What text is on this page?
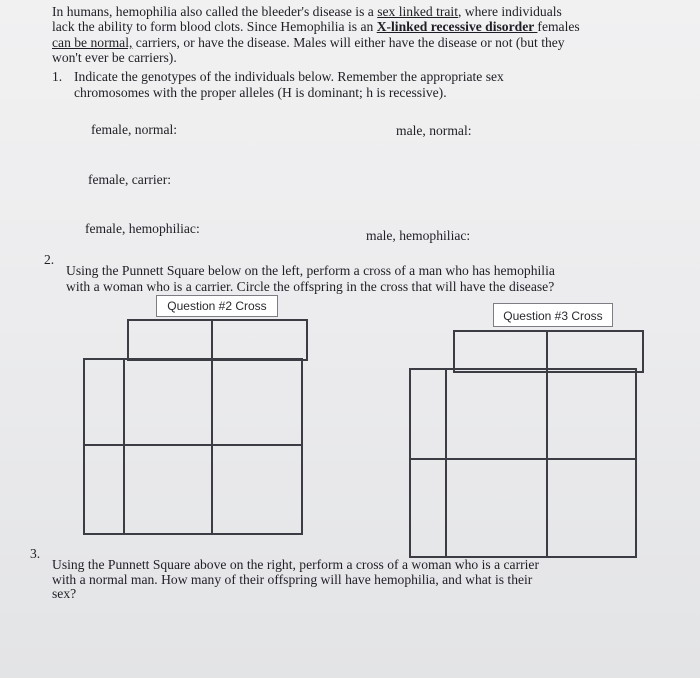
In humans, hemophilia also called the bleeder's disease is a sex linked trait, where individuals
lack the ability to form blood clots. Since Hemophilia is an X-linked recessive disorder females
can be normal, carriers, or have the disease. Males will either have the disease or not (but they
won't ever be carriers).
1. Indicate the genotypes of the individuals below. Remember the appropriate sex
chromosomes with the proper alleles (H is dominant; h is recessive).
female, normal:	male, normal:
female, carrier:
female, hemophiliac:	male, hemophiliac:
2.
Using the Punnett Square below on the left, perform a cross of a man who has hemophilia
with a woman who is a carrier. Circle the offspring in the cross that will have the disease?
Question #2 Cross
Question #3 Cross
3.
Using the Punnett Square above on the right, perform a cross of a woman who is a carrier
with a normal man. How many of their offspring will have hemophilia, and what is their
sex?
